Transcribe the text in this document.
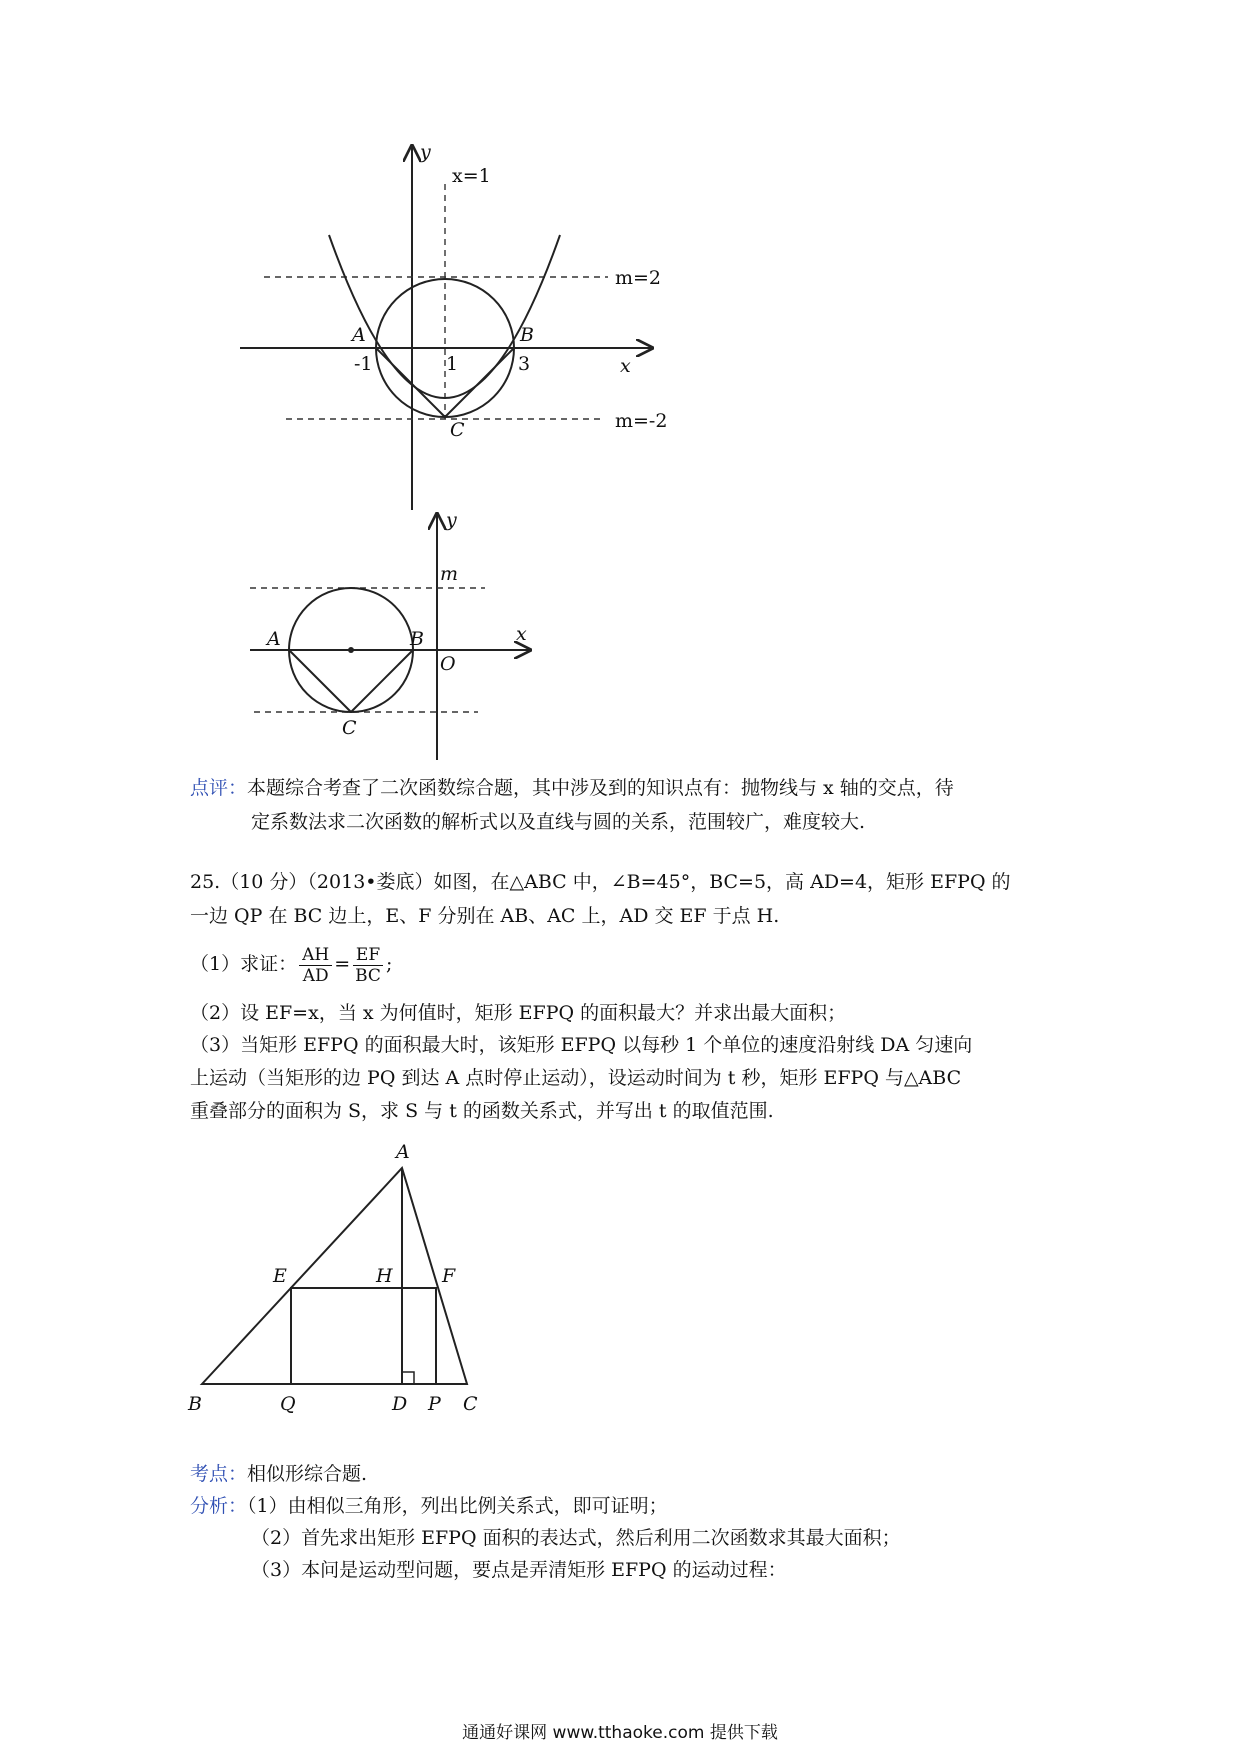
y
x
x=1
m=2
m=-2
A	B
C
-1	1	3
y
x
m
A	B
C
O
点评：本题综合考查了二次函数综合题，其中涉及到的知识点有：抛物线与 x 轴的交点，待
定系数法求二次函数的解析式以及直线与圆的关系，范围较广，难度较大.
25.（10 分）（2013•娄底）如图，在△ABC 中，∠B=45°，BC=5，高 AD=4，矩形 EFPQ 的
一边 QP 在 BC 边上，E、F 分别在 AB、AC 上，AD 交 EF 于点 H.
（1）求证： $\frac{AH}{AD} = \frac{EF}{BC}$ ;
（2）设 EF=x，当 x 为何值时，矩形 EFPQ 的面积最大？并求出最大面积；
（3）当矩形 EFPQ 的面积最大时，该矩形 EFPQ 以每秒 1 个单位的速度沿射线 DA 匀速向
上运动（当矩形的边 PQ 到达 A 点时停止运动），设运动时间为 t 秒，矩形 EFPQ 与△ABC
重叠部分的面积为 S，求 S 与 t 的函数关系式，并写出 t 的取值范围.
A
B	C
D
E	F
H
P
Q
考点：相似形综合题.
分析：（1）由相似三角形，列出比例关系式，即可证明；
（2）首先求出矩形 EFPQ 面积的表达式，然后利用二次函数求其最大面积；
（3）本问是运动型问题，要点是弄清矩形 EFPQ 的运动过程：
通通好课网 www.tthaoke.com 提供下载
